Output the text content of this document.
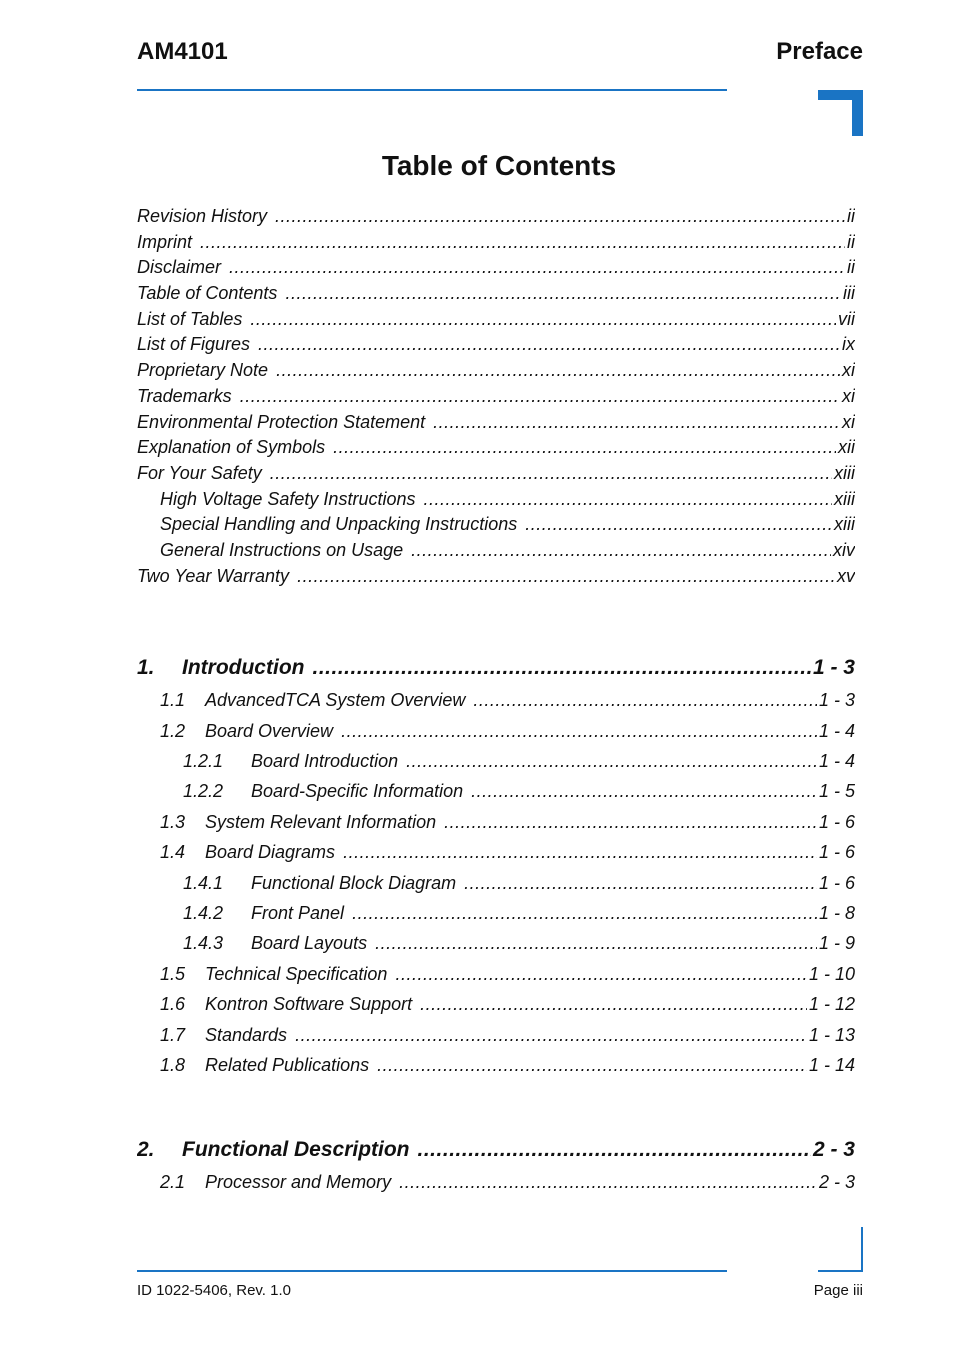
AM4101	Preface
Table of Contents
Revision History .....	ii
Imprint .....	ii
Disclaimer .....	ii
Table of Contents .....	iii
List of Tables .....	vii
List of Figures .....	ix
Proprietary Note .....	xi
Trademarks .....	xi
Environmental Protection Statement .....	xi
Explanation of Symbols .....	xii
For Your Safety .....	xiii
High Voltage Safety Instructions .....	xiii
Special Handling and Unpacking Instructions .....	xiii
General Instructions on Usage .....	xiv
Two Year Warranty .....	xv
1.	Introduction .....	1 - 3
1.1	AdvancedTCA System Overview .....	1 - 3
1.2	Board Overview .....	1 - 4
1.2.1	Board Introduction .....	1 - 4
1.2.2	Board-Specific Information .....	1 - 5
1.3	System Relevant Information .....	1 - 6
1.4	Board Diagrams .....	1 - 6
1.4.1	Functional Block Diagram .....	1 - 6
1.4.2	Front Panel .....	1 - 8
1.4.3	Board Layouts .....	1 - 9
1.5	Technical Specification .....	1 - 10
1.6	Kontron Software Support .....	1 - 12
1.7	Standards .....	1 - 13
1.8	Related Publications .....	1 - 14
2.	Functional Description .....	2 - 3
2.1	Processor and Memory .....	2 - 3
ID 1022-5406, Rev. 1.0	Page iii
